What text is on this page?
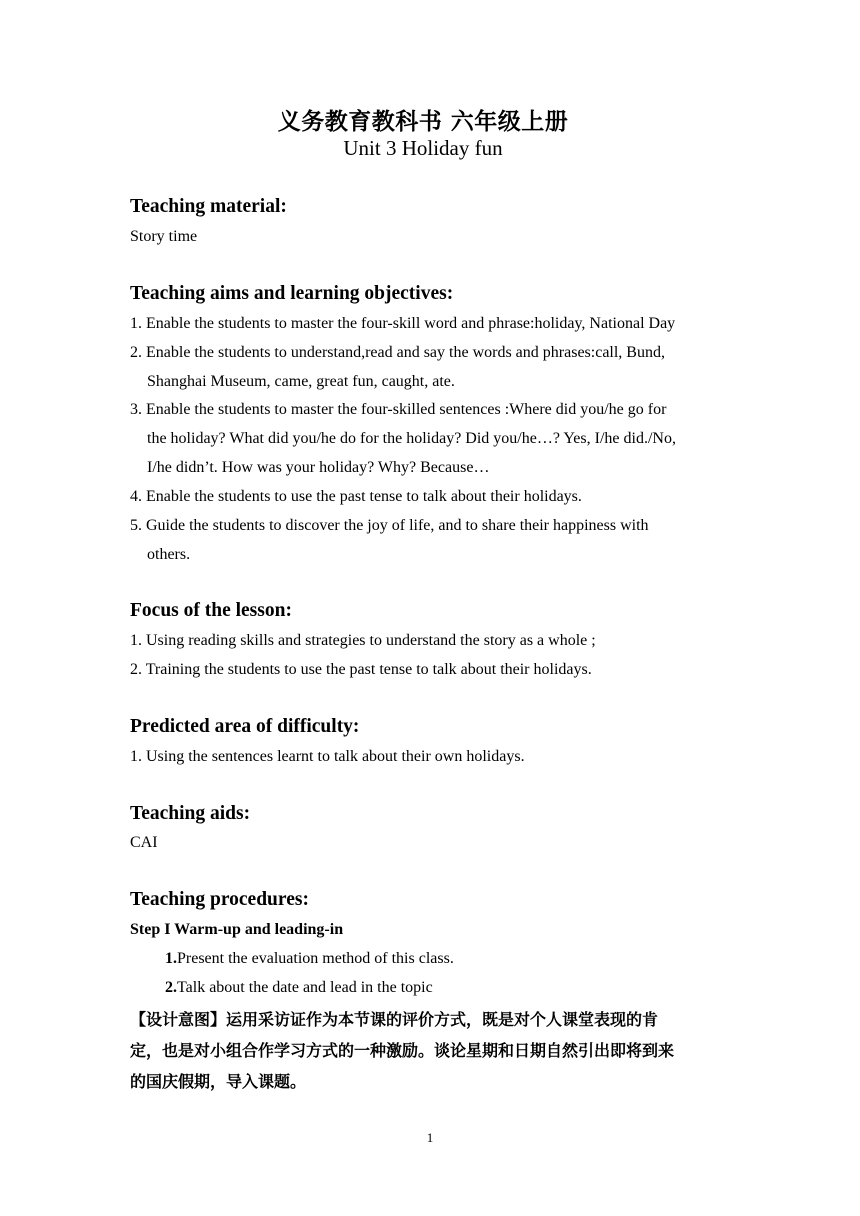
义务教育教科书 六年级上册
Unit 3 Holiday fun
Teaching material:
Story time
Teaching aims and learning objectives:
1. Enable the students to master the four-skill word and phrase:holiday, National Day
2. Enable the students to understand,read and say the words and phrases:call, Bund,
Shanghai Museum, came, great fun, caught, ate.
3. Enable the students to master the four-skilled sentences :Where did you/he go for
the holiday? What did you/he do for the holiday? Did you/he…? Yes, I/he did./No,
I/he didn’t. How was your holiday? Why? Because…
4. Enable the students to use the past tense to talk about their holidays.
5. Guide the students to discover the joy of life, and to share their happiness with
others.
Focus of the lesson:
1. Using reading skills and strategies to understand the story as a whole ;
2. Training the students to use the past tense to talk about their holidays.
Predicted area of difficulty:
1. Using the sentences learnt to talk about their own holidays.
Teaching aids:
CAI
Teaching procedures:
Step I Warm-up and leading-in
1.Present the evaluation method of this class.
2.Talk about the date and lead in the topic
【设计意图】运用采访证作为本节课的评价方式，既是对个人课堂表现的肯
定，也是对小组合作学习方式的一种激励。谈论星期和日期自然引出即将到来
的国庆假期，导入课题。
1
